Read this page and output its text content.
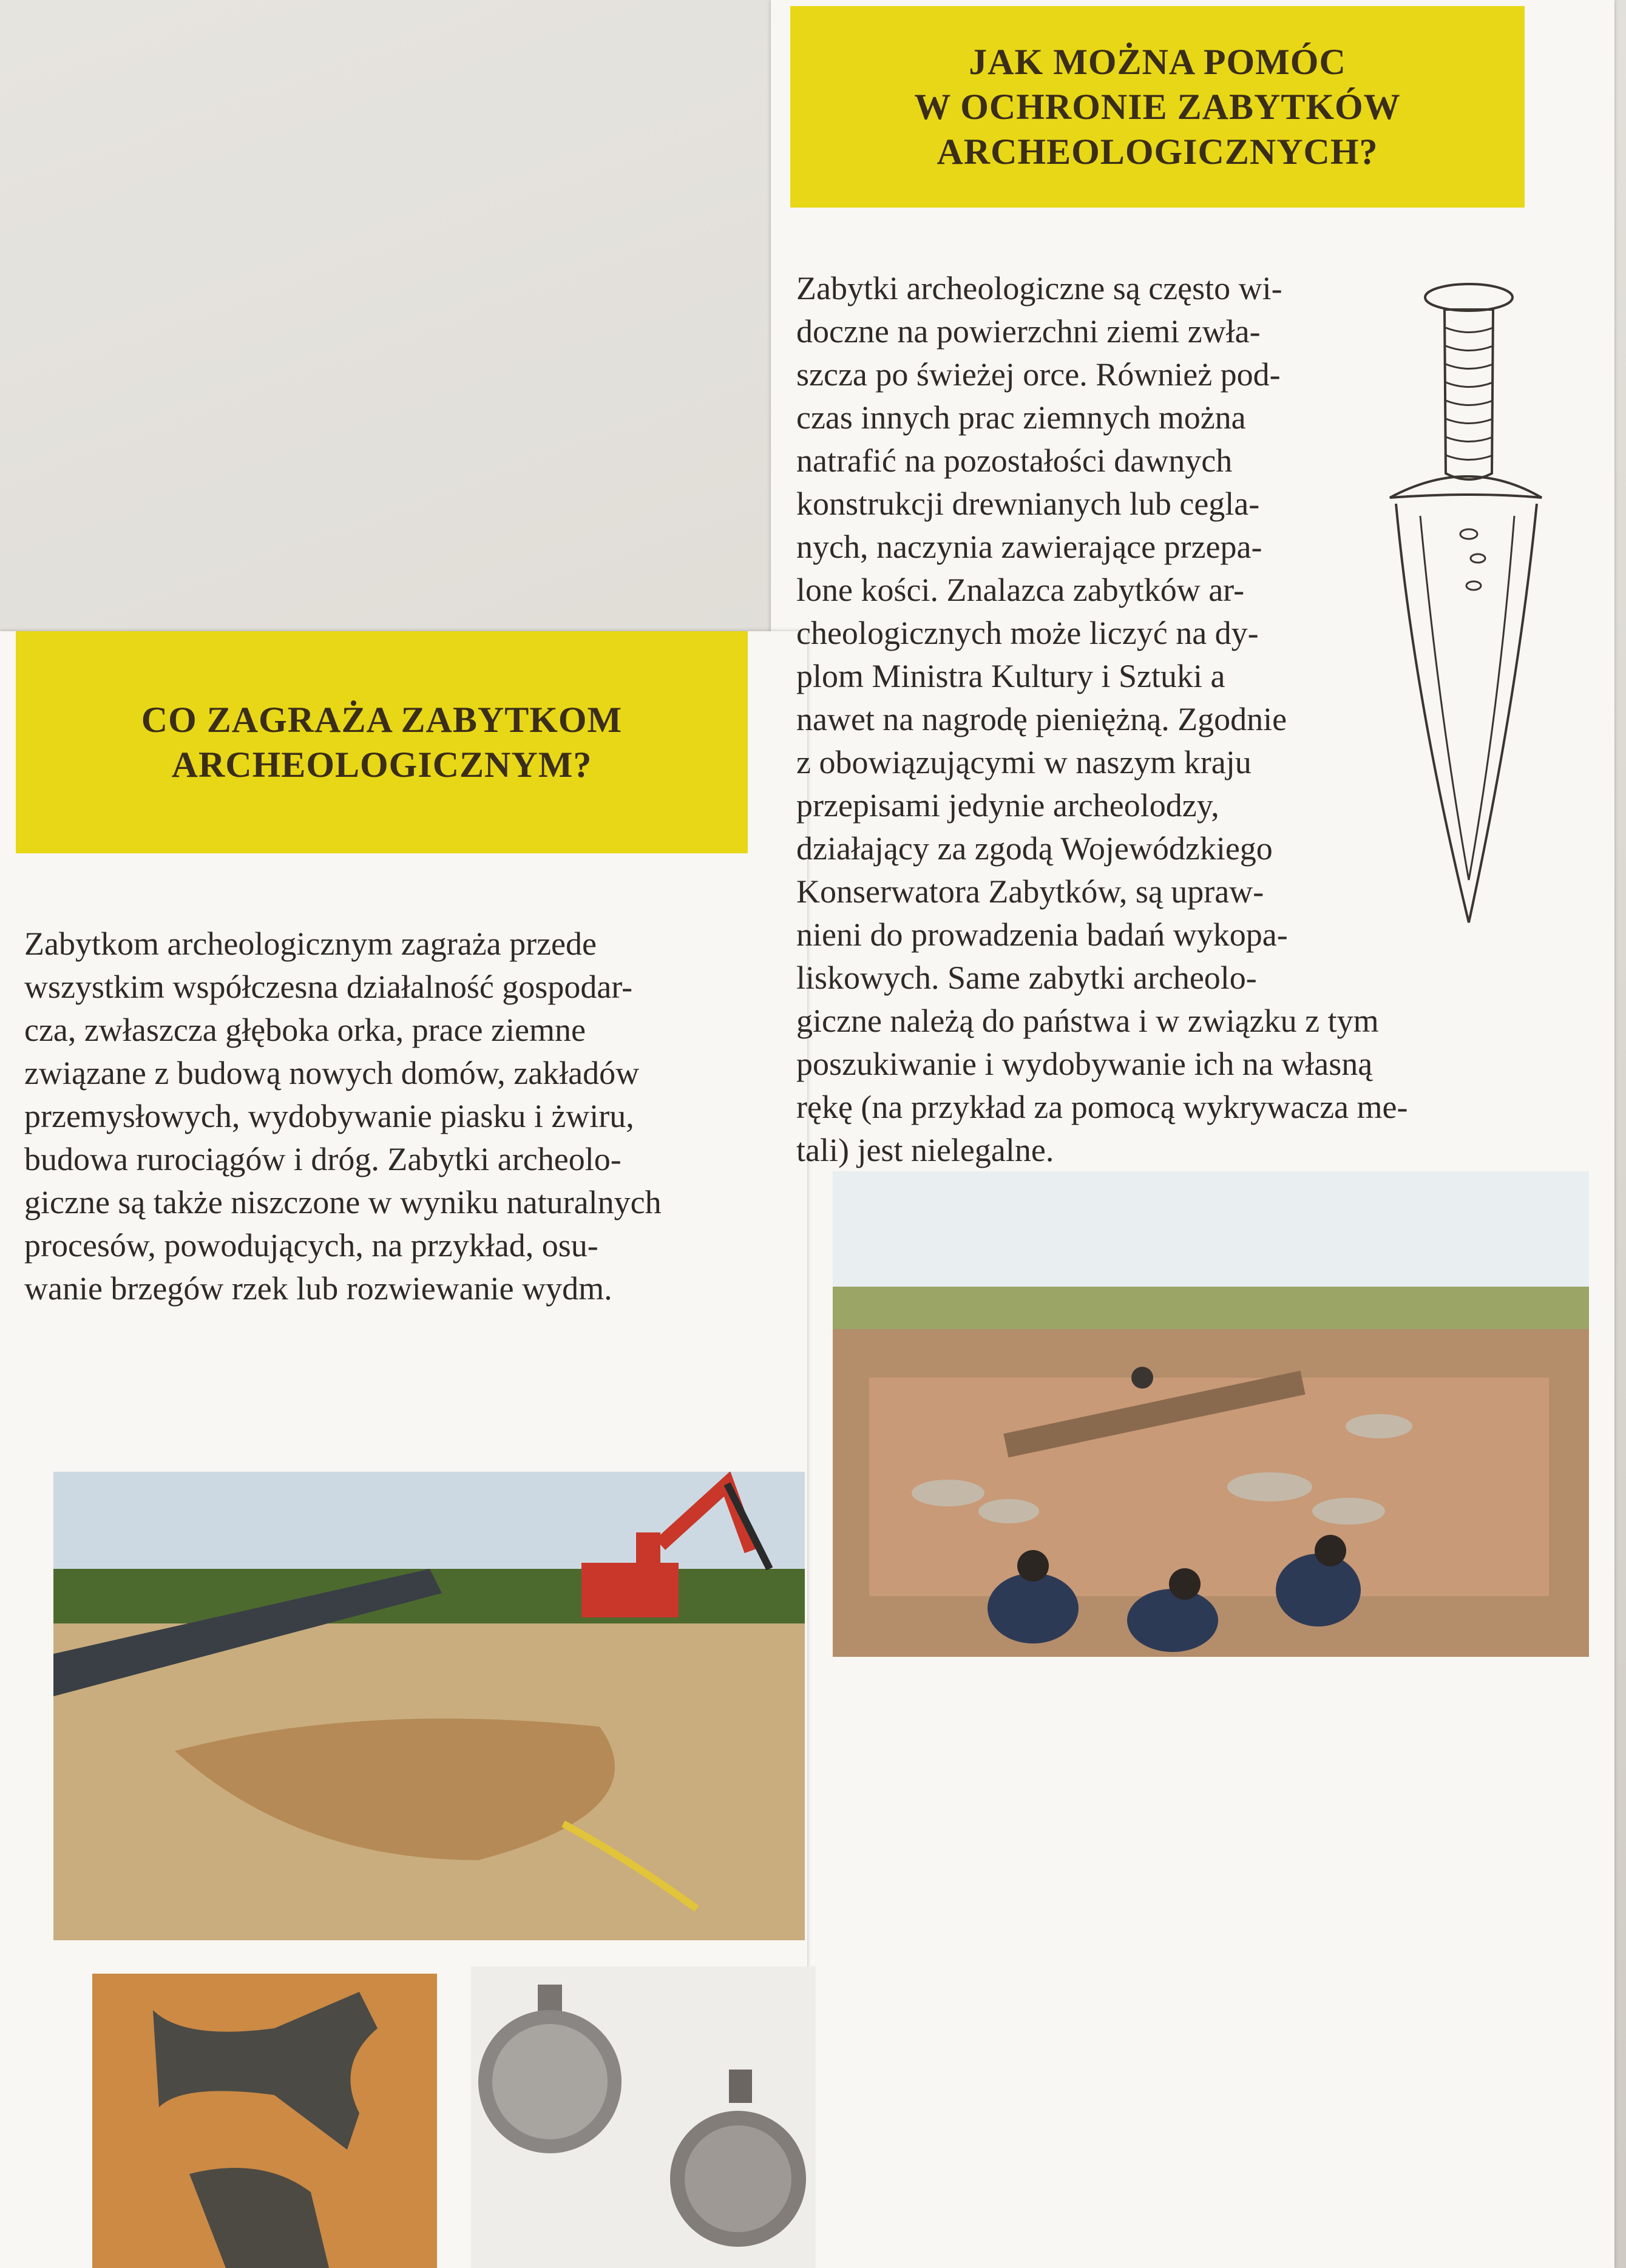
JAK MOŻNA POMÓC
W OCHRONIE ZABYTKÓW
ARCHEOLOGICZNYCH?
CO ZAGRAŻA ZABYTKOM
ARCHEOLOGICZNYM?

Zabytki archeologiczne są często wi-
doczne na powierzchni ziemi zwła-
szcza po świeżej orce. Również pod-
czas innych prac ziemnych można
natrafić na pozostałości dawnych
konstrukcji drewnianych lub cegla-
nych, naczynia zawierające przepa-
lone kości. Znalazca zabytków ar-
cheologicznych może liczyć na dy-
plom Ministra Kultury i Sztuki a
nawet na nagrodę pieniężną. Zgodnie
z obowiązującymi w naszym kraju
przepisami jedynie archeolodzy,
działający za zgodą Wojewódzkiego
Konserwatora Zabytków, są upraw-
nieni do prowadzenia badań wykopa-
liskowych. Same zabytki archeolo-
giczne należą do państwa i w związku z tym
poszukiwanie i wydobywanie ich na własną
rękę (na przykład za pomocą wykrywacza me-
tali) jest nielegalne.

Zabytkom archeologicznym zagraża przede
wszystkim współczesna działalność gospodar-
cza, zwłaszcza głęboka orka, prace ziemne
związane z budową nowych domów, zakładów
przemysłowych, wydobywanie piasku i żwiru,
budowa rurociągów i dróg. Zabytki archeolo-
giczne są także niszczone w wyniku naturalnych
procesów, powodujących, na przykład, osu-
wanie brzegów rzek lub rozwiewanie wydm.
